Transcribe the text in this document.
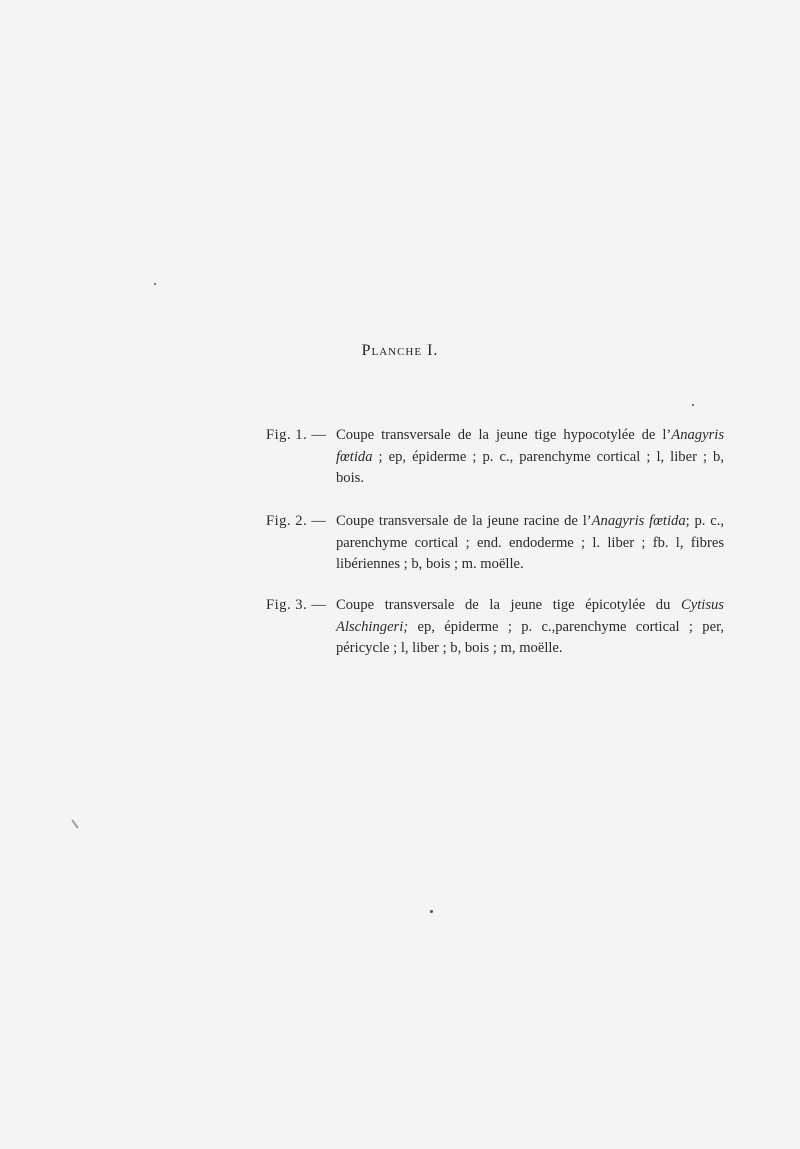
Planche I.
Fig. 1. — Coupe transversale de la jeune tige hypocotylée de l’Anagyris fœtida ; ep, épiderme ; p. c., parenchyme cortical ; l, liber ; b, bois.
Fig. 2. — Coupe transversale de la jeune racine de l’Anagyris fœtida; p. c., parenchyme cortical ; end. endoderme ; l. liber ; fb. l, fibres libériennes ; b, bois ; m. moëlle.
Fig. 3. — Coupe transversale de la jeune tige épicotylée du Cytisus Alschingeri; ep, épiderme ; p. c.,parenchyme cortical ; per, péricycle ; l, liber ; b, bois ; m, moëlle.
